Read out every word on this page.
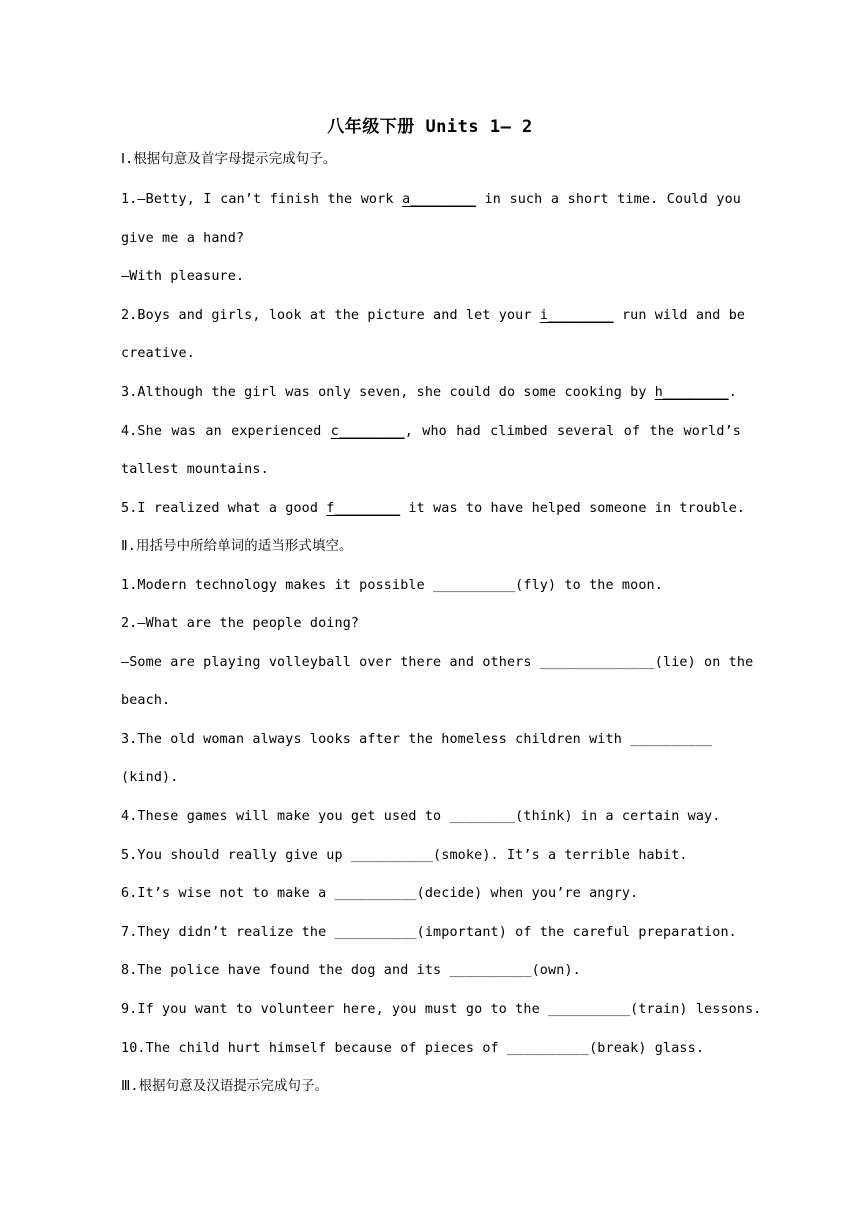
八年级下册 Units 1— 2
Ⅰ.根据句意及首字母提示完成句子。
1.—Betty, I can’t finish the work a________ in such a short time. Could you
give me a hand?
—With pleasure.
2.Boys and girls, look at the picture and let your i________ run wild and be
creative.
3.Although the girl was only seven, she could do some cooking by h________.
4.She was an experienced c________, who had climbed several of the world’s
tallest mountains.
5.I realized what a good f________ it was to have helped someone in trouble.
Ⅱ.用括号中所给单词的适当形式填空。
1.Modern technology makes it possible __________(fly) to the moon.
2.—What are the people doing?
—Some are playing volleyball over there and others ______________(lie) on the
beach.
3.The old woman always looks after the homeless children with __________
(kind).
4.These games will make you get used to ________(think) in a certain way.
5.You should really give up __________(smoke). It’s a terrible habit.
6.It’s wise not to make a __________(decide) when you’re angry.
7.They didn’t realize the __________(important) of the careful preparation.
8.The police have found the dog and its __________(own).
9.If you want to volunteer here, you must go to the __________(train) lessons.
10.The child hurt himself because of pieces of __________(break) glass.
Ⅲ.根据句意及汉语提示完成句子。
